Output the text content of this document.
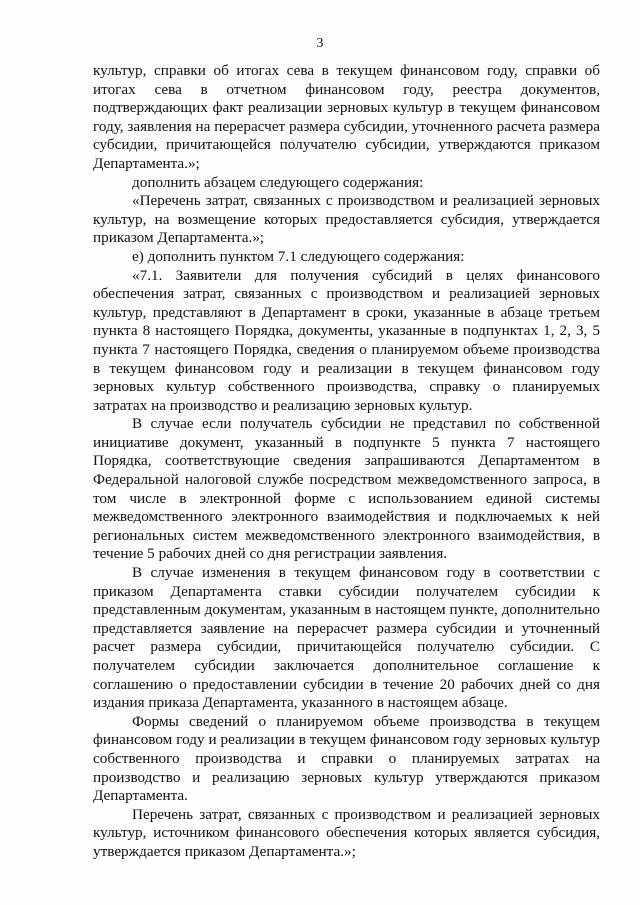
3

культур, справки об итогах сева в текущем финансовом году, справки об итогах сева в отчетном финансовом году, реестра документов, подтверждающих факт реализации зерновых культур в текущем финансовом году, заявления на перерасчет размера субсидии, уточненного расчета размера субсидии, причитающейся получателю субсидии, утверждаются приказом Департамента.»;

дополнить абзацем следующего содержания:

«Перечень затрат, связанных с производством и реализацией зерновых культур, на возмещение которых предоставляется субсидия, утверждается приказом Департамента.»;

е) дополнить пунктом 7.1 следующего содержания:

«7.1. Заявители для получения субсидий в целях финансового обеспечения затрат, связанных с производством и реализацией зерновых культур, представляют в Департамент в сроки, указанные в абзаце третьем пункта 8 настоящего Порядка, документы, указанные в подпунктах 1, 2, 3, 5 пункта 7 настоящего Порядка, сведения о планируемом объеме производства в текущем финансовом году и реализации в текущем финансовом году зерновых культур собственного производства, справку о планируемых затратах на производство и реализацию зерновых культур.

В случае если получатель субсидии не представил по собственной инициативе документ, указанный в подпункте 5 пункта 7 настоящего Порядка, соответствующие сведения запрашиваются Департаментом в Федеральной налоговой службе посредством межведомственного запроса, в том числе в электронной форме с использованием единой системы межведомственного электронного взаимодействия и подключаемых к ней региональных систем межведомственного электронного взаимодействия, в течение 5 рабочих дней со дня регистрации заявления.

В случае изменения в текущем финансовом году в соответствии с приказом Департамента ставки субсидии получателем субсидии к представленным документам, указанным в настоящем пункте, дополнительно представляется заявление на перерасчет размера субсидии и уточненный расчет размера субсидии, причитающейся получателю субсидии. С получателем субсидии заключается дополнительное соглашение к соглашению о предоставлении субсидии в течение 20 рабочих дней со дня издания приказа Департамента, указанного в настоящем абзаце.

Формы сведений о планируемом объеме производства в текущем финансовом году и реализации в текущем финансовом году зерновых культур собственного производства и справки о планируемых затратах на производство и реализацию зерновых культур утверждаются приказом Департамента.

Перечень затрат, связанных с производством и реализацией зерновых культур, источником финансового обеспечения которых является субсидия, утверждается приказом Департамента.»;
